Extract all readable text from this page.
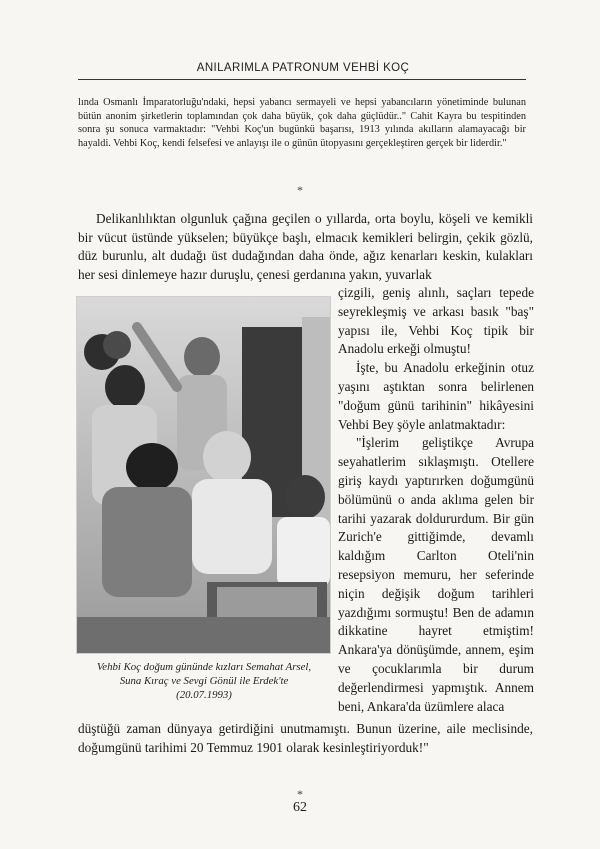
ANILARIMLA PATRONUM VEHBİ KOÇ
lında Osmanlı İmparatorluğu'ndaki, hepsi yabancı sermayeli ve hepsi yabancıların yönetiminde bulunan bütün anonim şirketlerin toplamından çok daha büyük, çok daha güçlüdür.." Cahit Kayra bu tespitinden sonra şu sonuca varmaktadır: "Vehbi Koç'un bugünkü başarısı, 1913 yılında akılların alamayacağı bir hayaldi. Vehbi Koç, kendi felsefesi ve anlayışı ile o günün ütopyasını gerçekleştiren gerçek bir liderdir."
*
Delikanlılıktan olgunluk çağına geçilen o yıllarda, orta boylu, köşeli ve kemikli bir vücut üstünde yükselen; büyükçe başlı, elmacık kemikleri belirgin, çekik gözlü, düz burunlu, alt dudağı üst dudağından daha önde, ağız kenarları keskin, kulakları her sesi dinlemeye hazır duruşlu, çenesi gerdanına yakın, yuvarlak
Vehbi Koç doğum gününde kızları Semahat Arsel,
Suna Kıraç ve Sevgi Gönül ile Erdek'te
(20.07.1993)

çizgili, geniş alınlı, saçları tepede seyrekleşmiş ve arkası basık "baş" yapısı ile, Vehbi Koç tipik bir Anadolu erkeği olmuştu!

İşte, bu Anadolu erkeğinin otuz yaşını aştıktan sonra belirlenen "doğum günü tarihinin" hikâyesini Vehbi Bey şöyle anlatmaktadır:

"İşlerim geliştikçe Avrupa seyahatlerim sıklaşmıştı. Otellere giriş kaydı yaptırırken doğumgünü bölümünü o anda aklıma gelen bir tarihi yazarak doldururdum. Bir gün Zurich'e gittiğimde, devamlı kaldığım Carlton Oteli'nin resepsiyon memuru, her seferinde niçin değişik doğum tarihleri yazdığımı sormuştu! Ben de adamın dikkatine hayret etmiştim! Ankara'ya dönüşümde, annem, eşim ve çocuklarımla bir durum değerlendirmesi yapmıştık. Annem beni, Ankara'da üzümlere alaca

düştüğü zaman dünyaya getirdiğini unutmamıştı. Bunun üzerine, aile meclisinde, doğumgünü tarihimi 20 Temmuz 1901 olarak kesinleştiriyorduk!"
*
62
